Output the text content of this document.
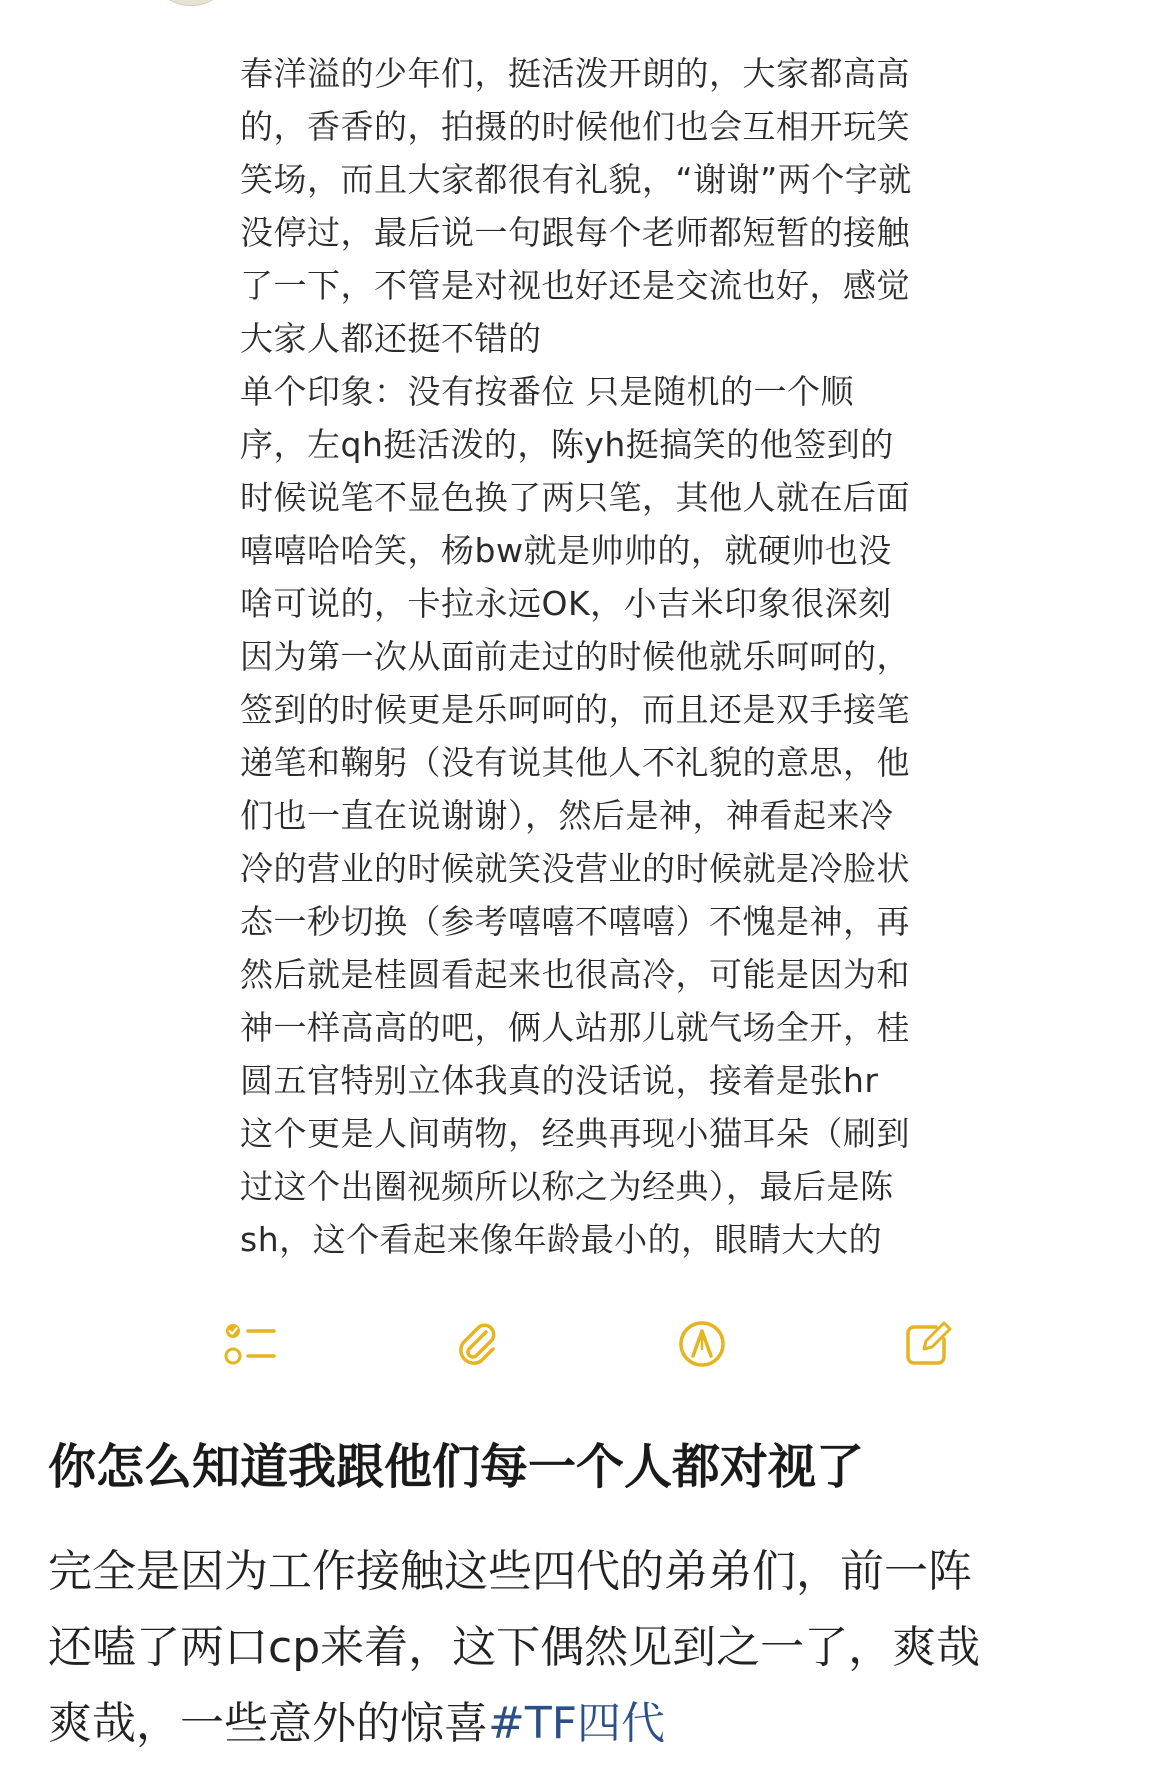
春洋溢的少年们，挺活泼开朗的，大家都高高
的，香香的，拍摄的时候他们也会互相开玩笑
笑场，而且大家都很有礼貌，“谢谢”两个字就
没停过，最后说一句跟每个老师都短暂的接触
了一下，不管是对视也好还是交流也好，感觉
大家人都还挺不错的
单个印象：没有按番位 只是随机的一个顺
序，左qh挺活泼的，陈yh挺搞笑的他签到的
时候说笔不显色换了两只笔，其他人就在后面
嘻嘻哈哈笑，杨bw就是帅帅的，就硬帅也没
啥可说的，卡拉永远OK，小吉米印象很深刻
因为第一次从面前走过的时候他就乐呵呵的，
签到的时候更是乐呵呵的，而且还是双手接笔
递笔和鞠躬（没有说其他人不礼貌的意思，他
们也一直在说谢谢），然后是神，神看起来冷
冷的营业的时候就笑没营业的时候就是冷脸状
态一秒切换（参考嘻嘻不嘻嘻）不愧是神，再
然后就是桂圆看起来也很高冷，可能是因为和
神一样高高的吧，俩人站那儿就气场全开，桂
圆五官特别立体我真的没话说，接着是张hr
这个更是人间萌物，经典再现小猫耳朵（刷到
过这个出圈视频所以称之为经典），最后是陈
sh，这个看起来像年龄最小的，眼睛大大的
你怎么知道我跟他们每一个人都对视了
完全是因为工作接触这些四代的弟弟们，前一阵
还嗑了两口cp来着，这下偶然见到之一了，爽哉
爽哉，一些意外的惊喜#TF四代
